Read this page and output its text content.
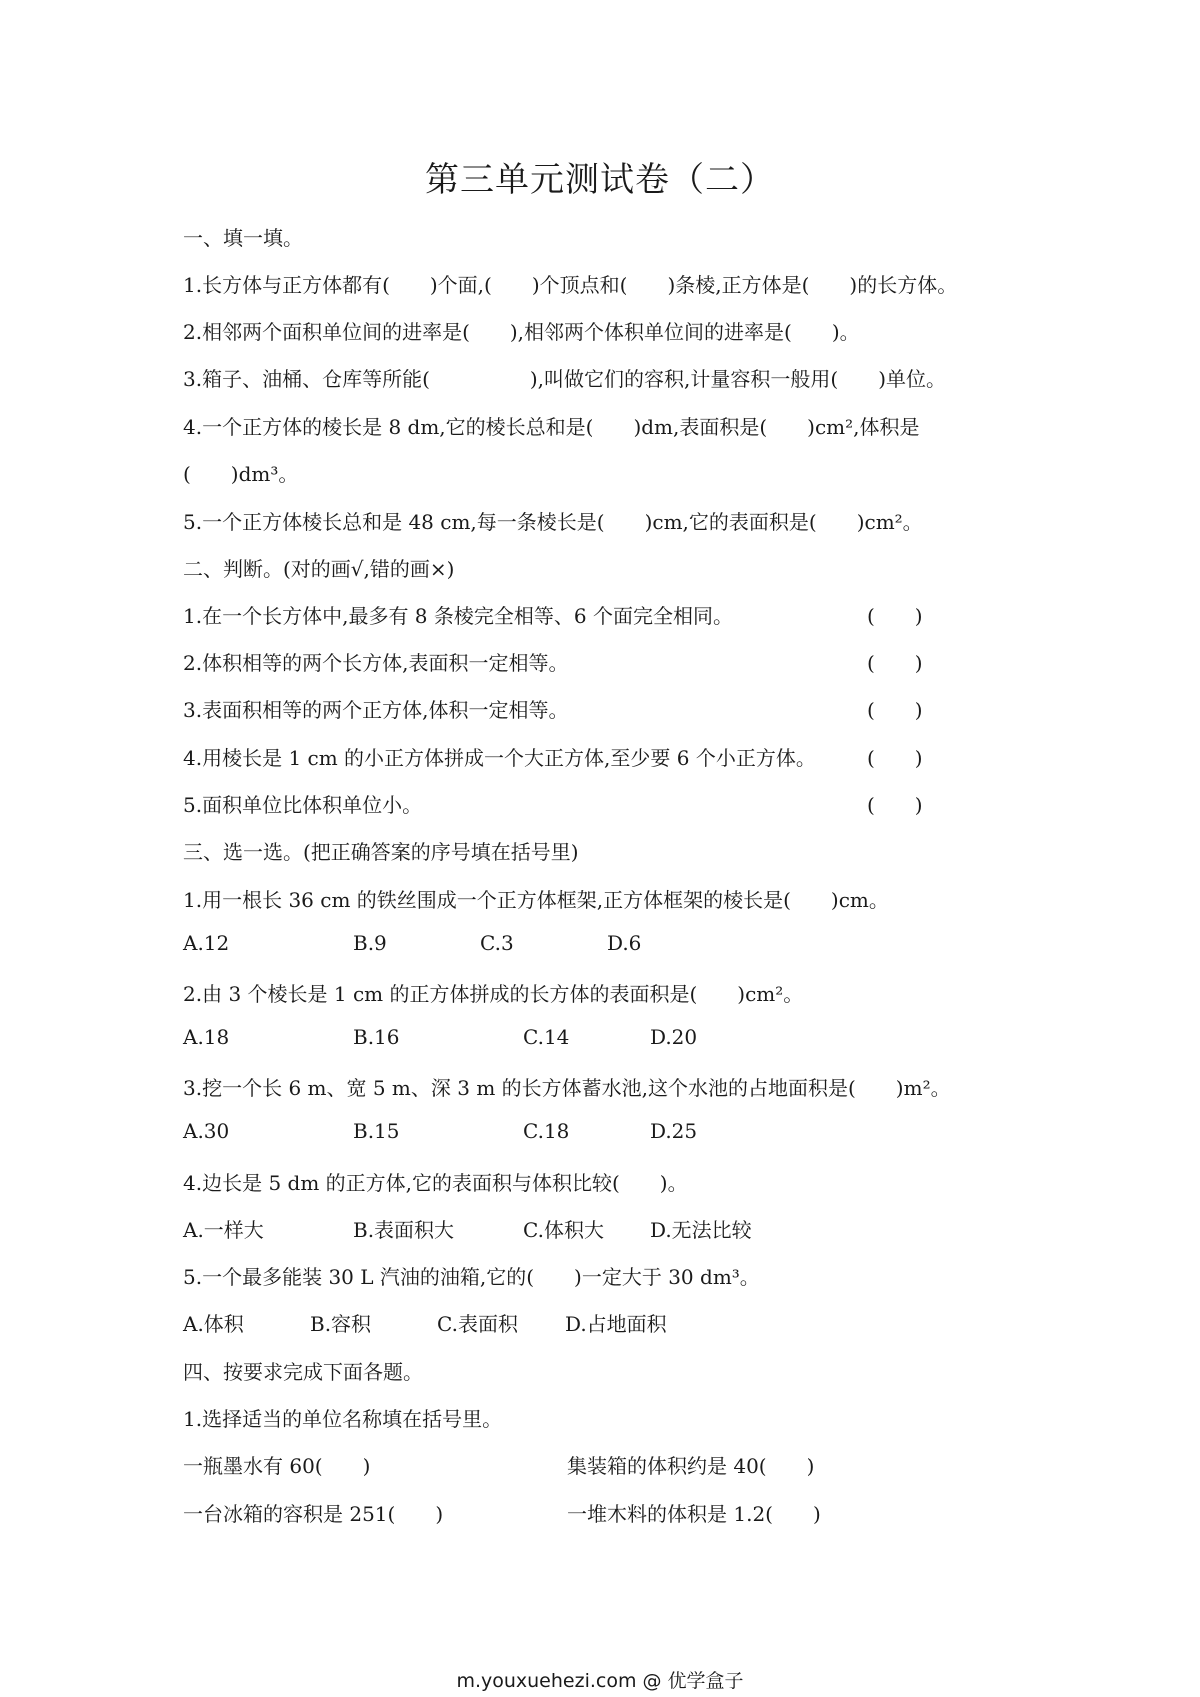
第三单元测试卷（二）
一、填一填。
1.长方体与正方体都有(　　)个面,(　　)个顶点和(　　)条棱,正方体是(　　)的长方体。
2.相邻两个面积单位间的进率是(　　),相邻两个体积单位间的进率是(　　)。
3.箱子、油桶、仓库等所能(　　　　　),叫做它们的容积,计量容积一般用(　　)单位。
4.一个正方体的棱长是 8 dm,它的棱长总和是(　　)dm,表面积是(　　)cm²,体积是
(　　)dm³。
5.一个正方体棱长总和是 48 cm,每一条棱长是(　　)cm,它的表面积是(　　)cm²。
二、判断。(对的画√,错的画×)
1.在一个长方体中,最多有 8 条棱完全相等、6 个面完全相同。	(　　)
2.体积相等的两个长方体,表面积一定相等。	(　　)
3.表面积相等的两个正方体,体积一定相等。	(　　)
4.用棱长是 1 cm 的小正方体拼成一个大正方体,至少要 6 个小正方体。	(　　)
5.面积单位比体积单位小。	(　　)
三、选一选。(把正确答案的序号填在括号里)
1.用一根长 36 cm 的铁丝围成一个正方体框架,正方体框架的棱长是(　　)cm。
A.12	B.9	C.3	D.6
2.由 3 个棱长是 1 cm 的正方体拼成的长方体的表面积是(　　)cm²。
A.18	B.16	C.14	D.20
3.挖一个长 6 m、宽 5 m、深 3 m 的长方体蓄水池,这个水池的占地面积是(　　)m²。
A.30	B.15	C.18	D.25
4.边长是 5 dm 的正方体,它的表面积与体积比较(　　)。
A.一样大	B.表面积大	C.体积大 D.无法比较
5.一个最多能装 30 L 汽油的油箱,它的(　　)一定大于 30 dm³。
A.体积	B.容积	C.表面积 D.占地面积
四、按要求完成下面各题。
1.选择适当的单位名称填在括号里。
一瓶墨水有 60(　　)	集装箱的体积约是 40(　　)
一台冰箱的容积是 251(　　)	一堆木料的体积是 1.2(　　)
m.youxuehezi.com @ 优学盒子
